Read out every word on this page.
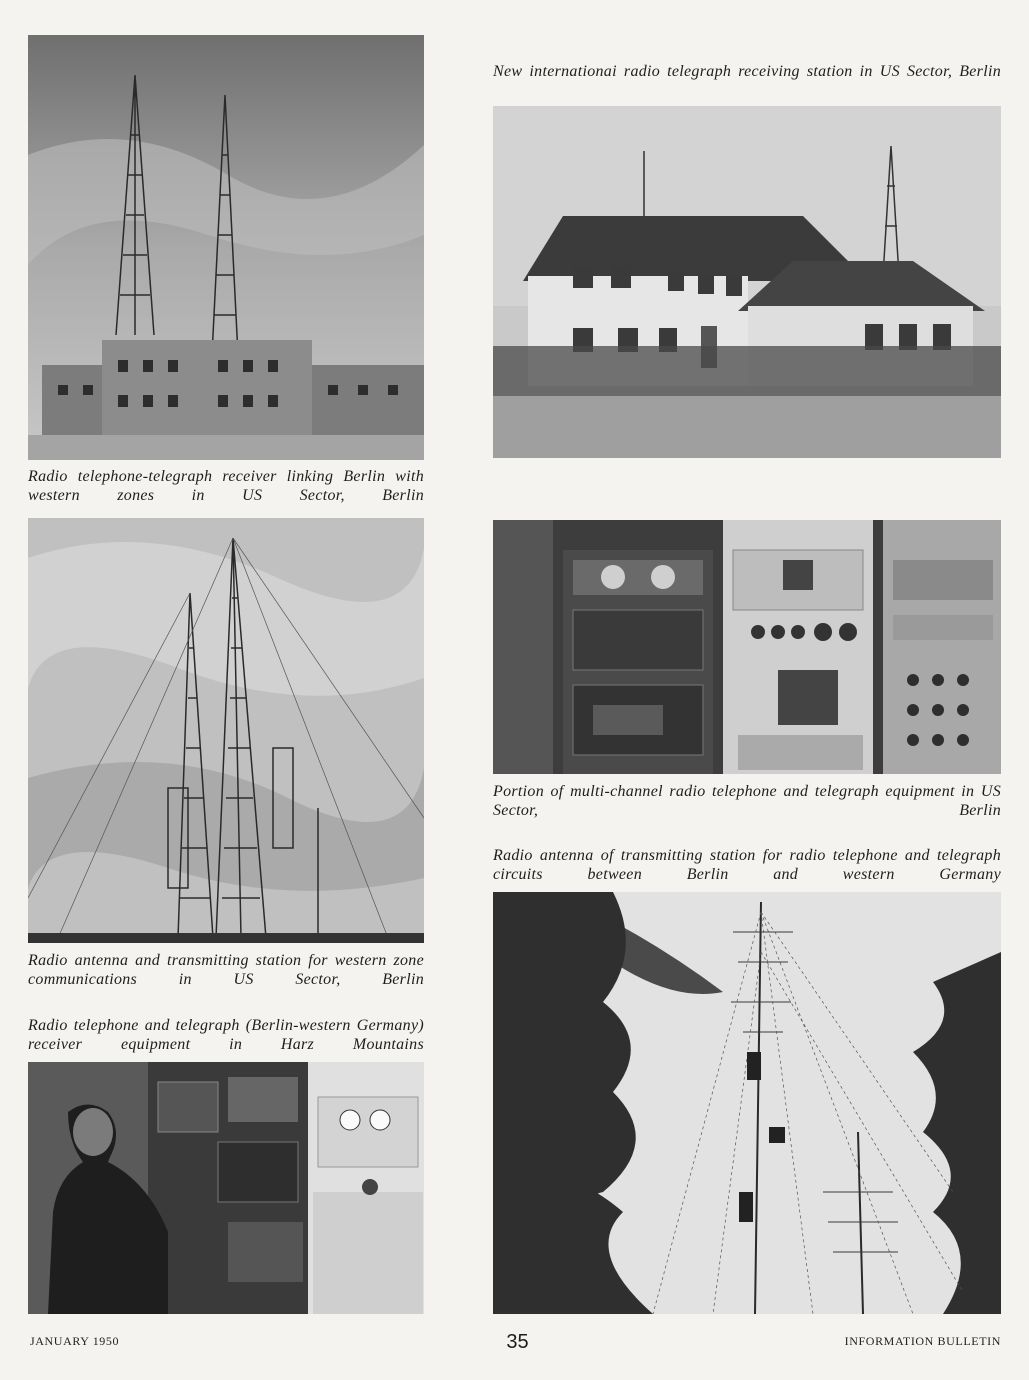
New internationai radio telegraph receiving station in US Sector, Berlin
Radio telephone-telegraph receiver linking Berlin with western zones in US Sector, Berlin
Portion of multi-channel radio telephone and telegraph equipment in US Sector, Berlin
Radio antenna of transmitting station for radio telephone and telegraph circuits between Berlin and western Germany
Radio antenna and transmitting station for western zone communications in US Sector, Berlin
Radio telephone and telegraph (Berlin-western Germany) receiver equipment in Harz Mountains
JANUARY 1950	35	INFORMATION BULLETIN
